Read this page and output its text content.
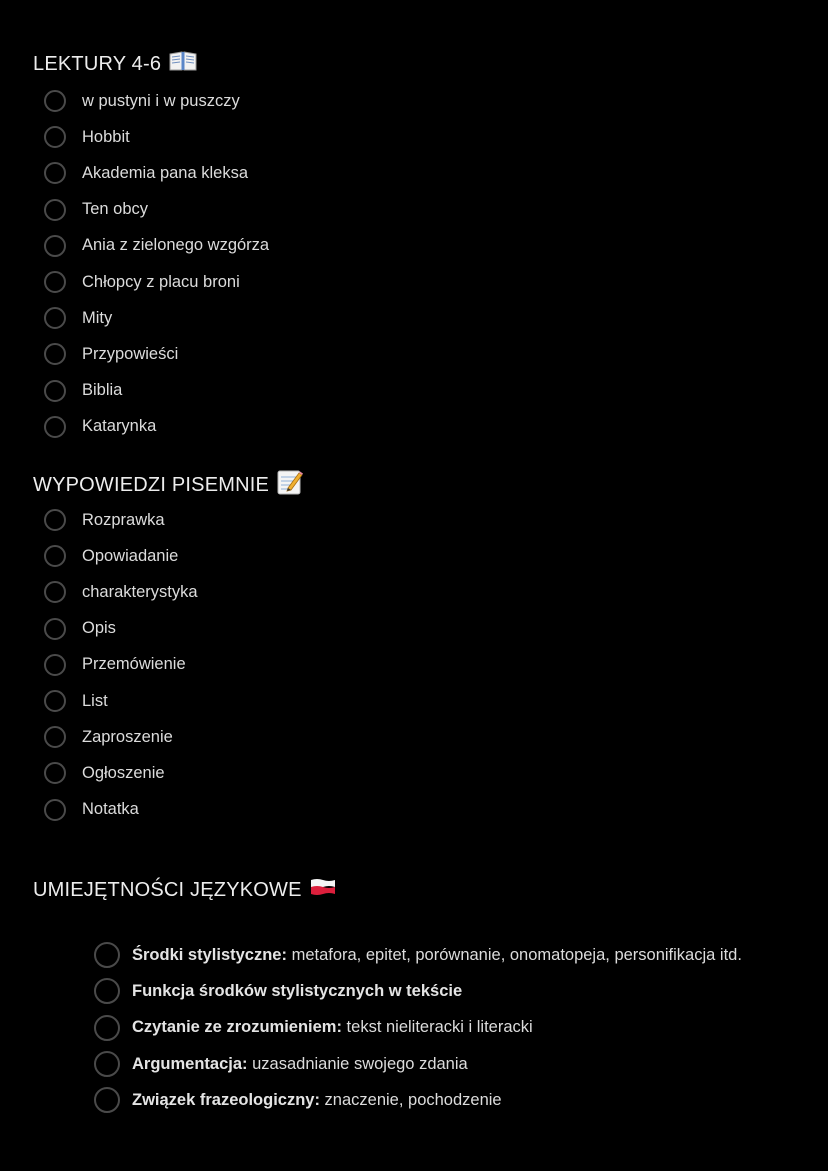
LEKTURY 4-6
w pustyni i w puszczy
Hobbit
Akademia pana kleksa
Ten obcy
Ania z zielonego wzgórza
Chłopcy z placu broni
Mity
Przypowieści
Biblia
Katarynka
WYPOWIEDZI PISEMNIE
Rozprawka
Opowiadanie
charakterystyka
Opis
Przemówienie
List
Zaproszenie
Ogłoszenie
Notatka
UMIEJĘTNOŚCI JĘZYKOWE
Środki stylistyczne: metafora, epitet, porównanie, onomatopeja, personifikacja itd.
Funkcja środków stylistycznych w tekście
Czytanie ze zrozumieniem: tekst nieliteracki i literacki
Argumentacja: uzasadnianie swojego zdania
Związek frazeologiczny: znaczenie, pochodzenie
